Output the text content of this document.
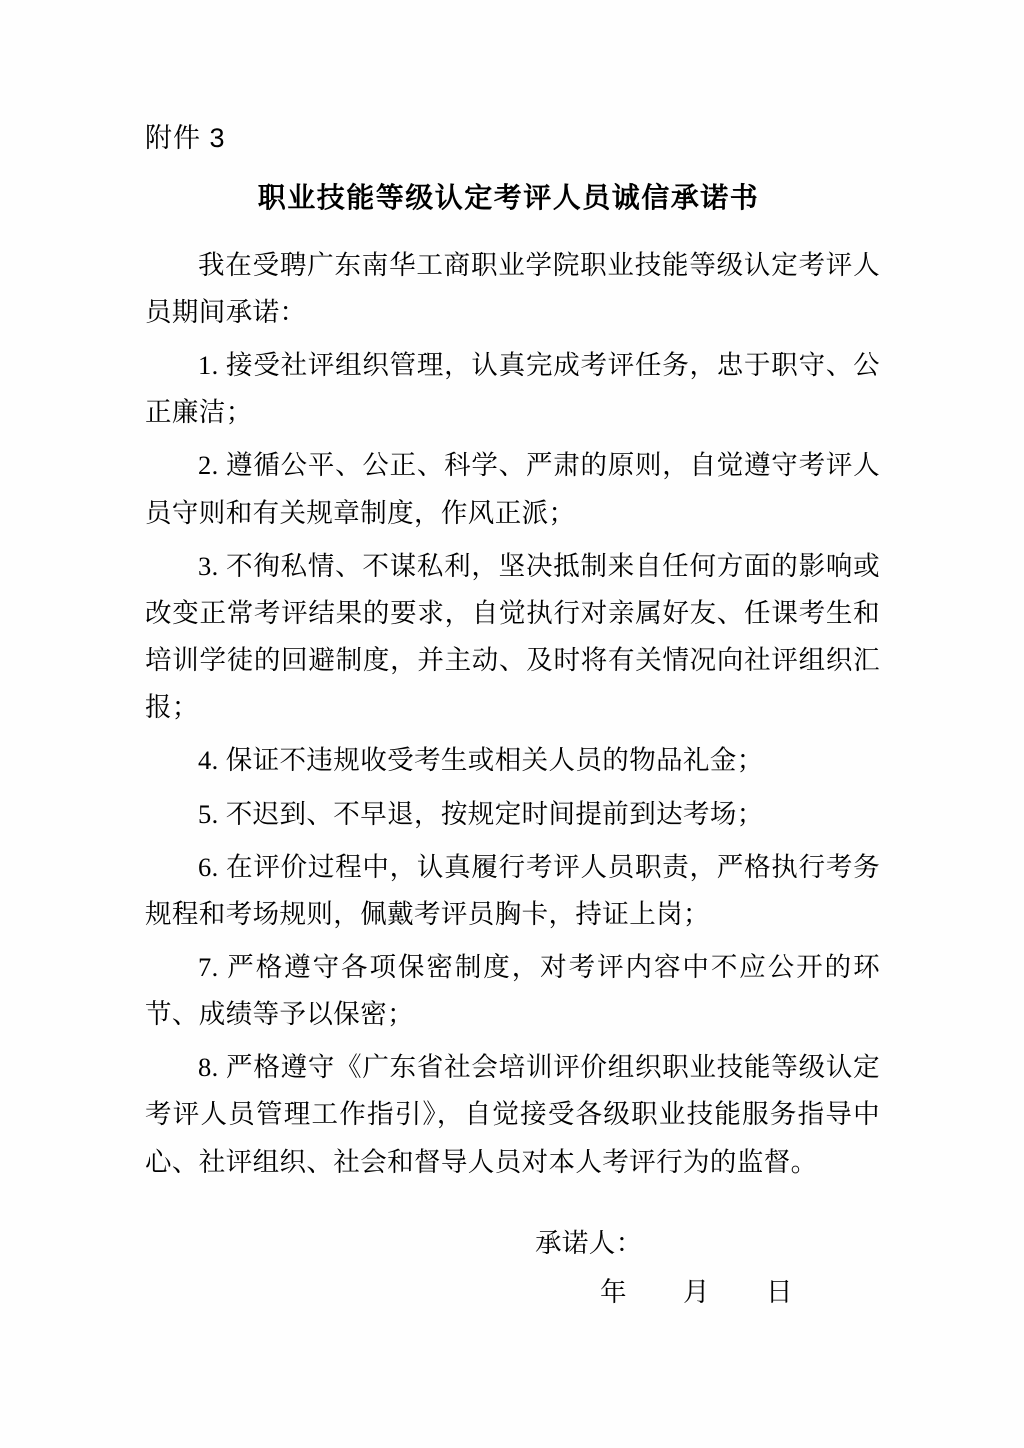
附件 3
职业技能等级认定考评人员诚信承诺书

我在受聘广东南华工商职业学院职业技能等级认定考评人员期间承诺：

1. 接受社评组织管理，认真完成考评任务，忠于职守、公正廉洁；

2. 遵循公平、公正、科学、严肃的原则，自觉遵守考评人员守则和有关规章制度，作风正派；

3. 不徇私情、不谋私利，坚决抵制来自任何方面的影响或改变正常考评结果的要求，自觉执行对亲属好友、任课考生和培训学徒的回避制度，并主动、及时将有关情况向社评组织汇报；

4. 保证不违规收受考生或相关人员的物品礼金；

5. 不迟到、不早退，按规定时间提前到达考场；

6. 在评价过程中，认真履行考评人员职责，严格执行考务规程和考场规则，佩戴考评员胸卡，持证上岗；

7. 严格遵守各项保密制度，对考评内容中不应公开的环节、成绩等予以保密；

8. 严格遵守《广东省社会培训评价组织职业技能等级认定考评人员管理工作指引》，自觉接受各级职业技能服务指导中心、社评组织、社会和督导人员对本人考评行为的监督。

承诺人：
年 月 日
